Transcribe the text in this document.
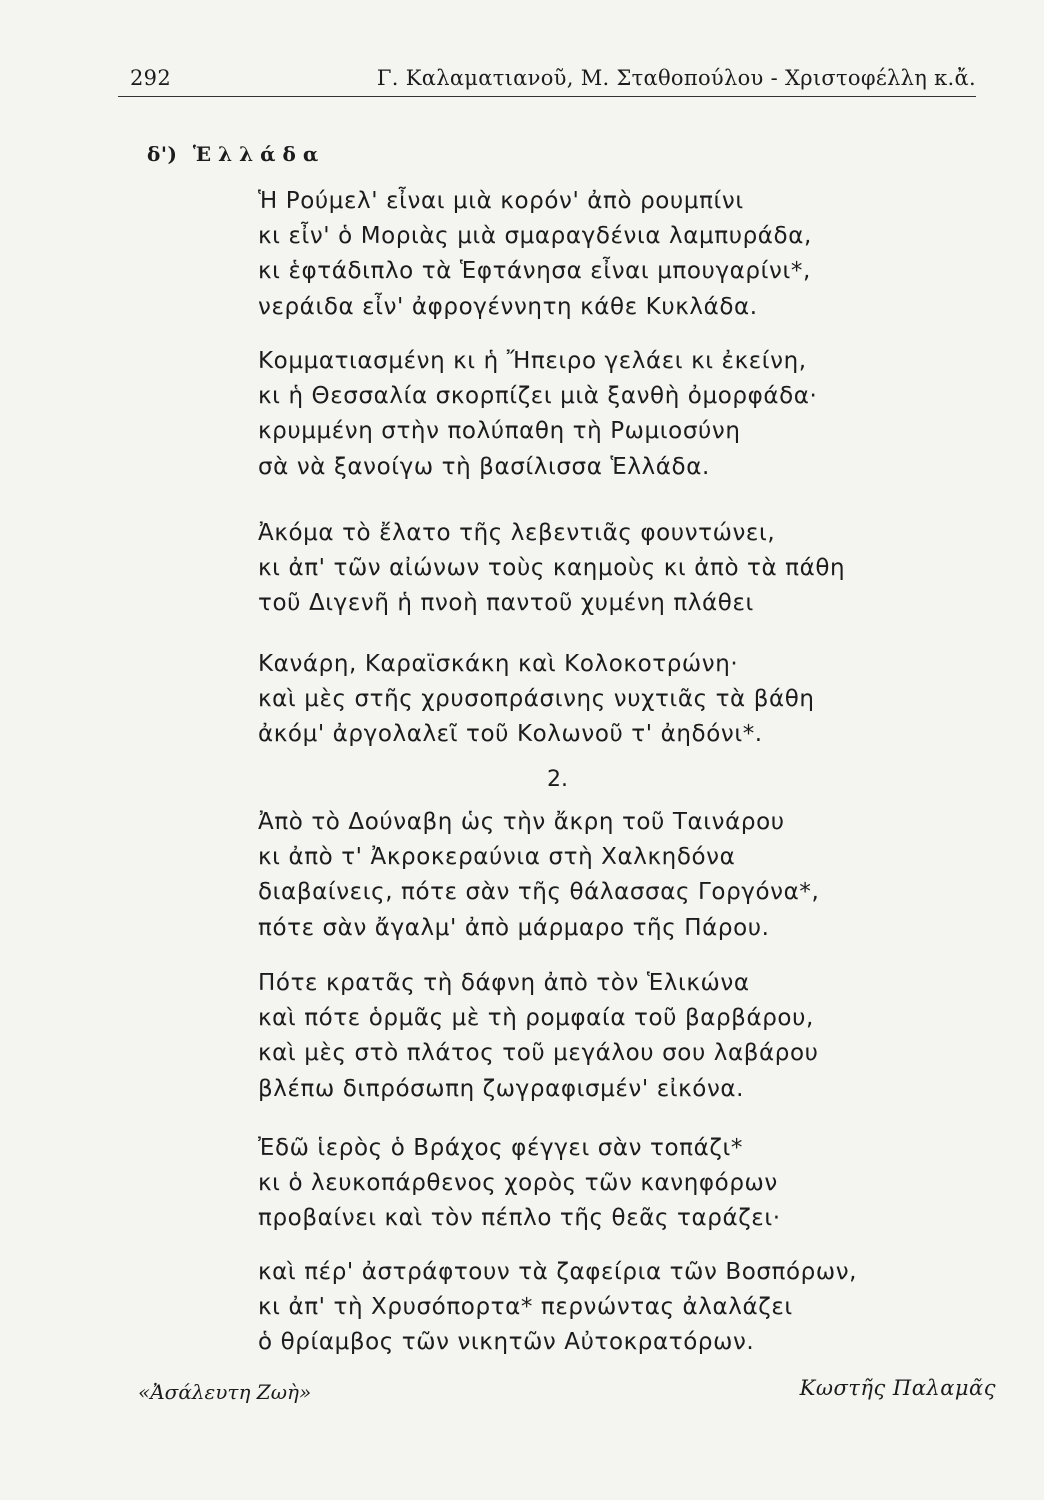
292	Γ. Καλαματιανοῦ, Μ. Σταθοπούλου - Χριστοφέλλη κ.ἄ.
δ') Ἑλλάδα
Ἡ Ρούμελ' εἶναι μιὰ κορόν' ἀπὸ ρουμπίνι
κι εἶν' ὁ Μοριὰς μιὰ σμαραγδένια λαμπυράδα,
κι ἑφτάδιπλο τὰ Ἑφτάνησα εἶναι μπουγαρίνι*,
νεράιδα εἶν' ἀφρογέννητη κάθε Κυκλάδα.
Κομματιασμένη κι ἡ Ἤπειρο γελάει κι ἐκείνη,
κι ἡ Θεσσαλία σκορπίζει μιὰ ξανθὴ ὀμορφάδα·
κρυμμένη στὴν πολύπαθη τὴ Ρωμιοσύνη
σὰ νὰ ξανοίγω τὴ βασίλισσα Ἑλλάδα.
Ἀκόμα τὸ ἔλατο τῆς λεβεντιᾶς φουντώνει,
κι ἀπ' τῶν αἰώνων τοὺς καημοὺς κι ἀπὸ τὰ πάθη
τοῦ Διγενῆ ἡ πνοὴ παντοῦ χυμένη πλάθει
Κανάρη, Καραϊσκάκη καὶ Κολοκοτρώνη·
καὶ μὲς στῆς χρυσοπράσινης νυχτιᾶς τὰ βάθη
ἀκόμ' ἀργολαλεῖ τοῦ Κολωνοῦ τ' ἀηδόνι*.
2.
Ἀπὸ τὸ Δούναβη ὡς τὴν ἄκρη τοῦ Ταινάρου
κι ἀπὸ τ' Ἀκροκεραύνια στὴ Χαλκηδόνα
διαβαίνεις, πότε σὰν τῆς θάλασσας Γοργόνα*,
πότε σὰν ἄγαλμ' ἀπὸ μάρμαρο τῆς Πάρου.
Πότε κρατᾶς τὴ δάφνη ἀπὸ τὸν Ἑλικώνα
καὶ πότε ὁρμᾶς μὲ τὴ ρομφαία τοῦ βαρβάρου,
καὶ μὲς στὸ πλάτος τοῦ μεγάλου σου λαβάρου
βλέπω διπρόσωπη ζωγραφισμέν' εἰκόνα.
Ἐδῶ ἱερὸς ὁ Βράχος φέγγει σὰν τοπάζι*
κι ὁ λευκοπάρθενος χορὸς τῶν κανηφόρων
προβαίνει καὶ τὸν πέπλο τῆς θεᾶς ταράζει·
καὶ πέρ' ἀστράφτουν τὰ ζαφείρια τῶν Βοσπόρων,
κι ἀπ' τὴ Χρυσόπορτα* περνώντας ἀλαλάζει
ὁ θρίαμβος τῶν νικητῶν Αὐτοκρατόρων.
«Ἀσάλευτη Ζωὴ»	Κωστῆς Παλαμᾶς
